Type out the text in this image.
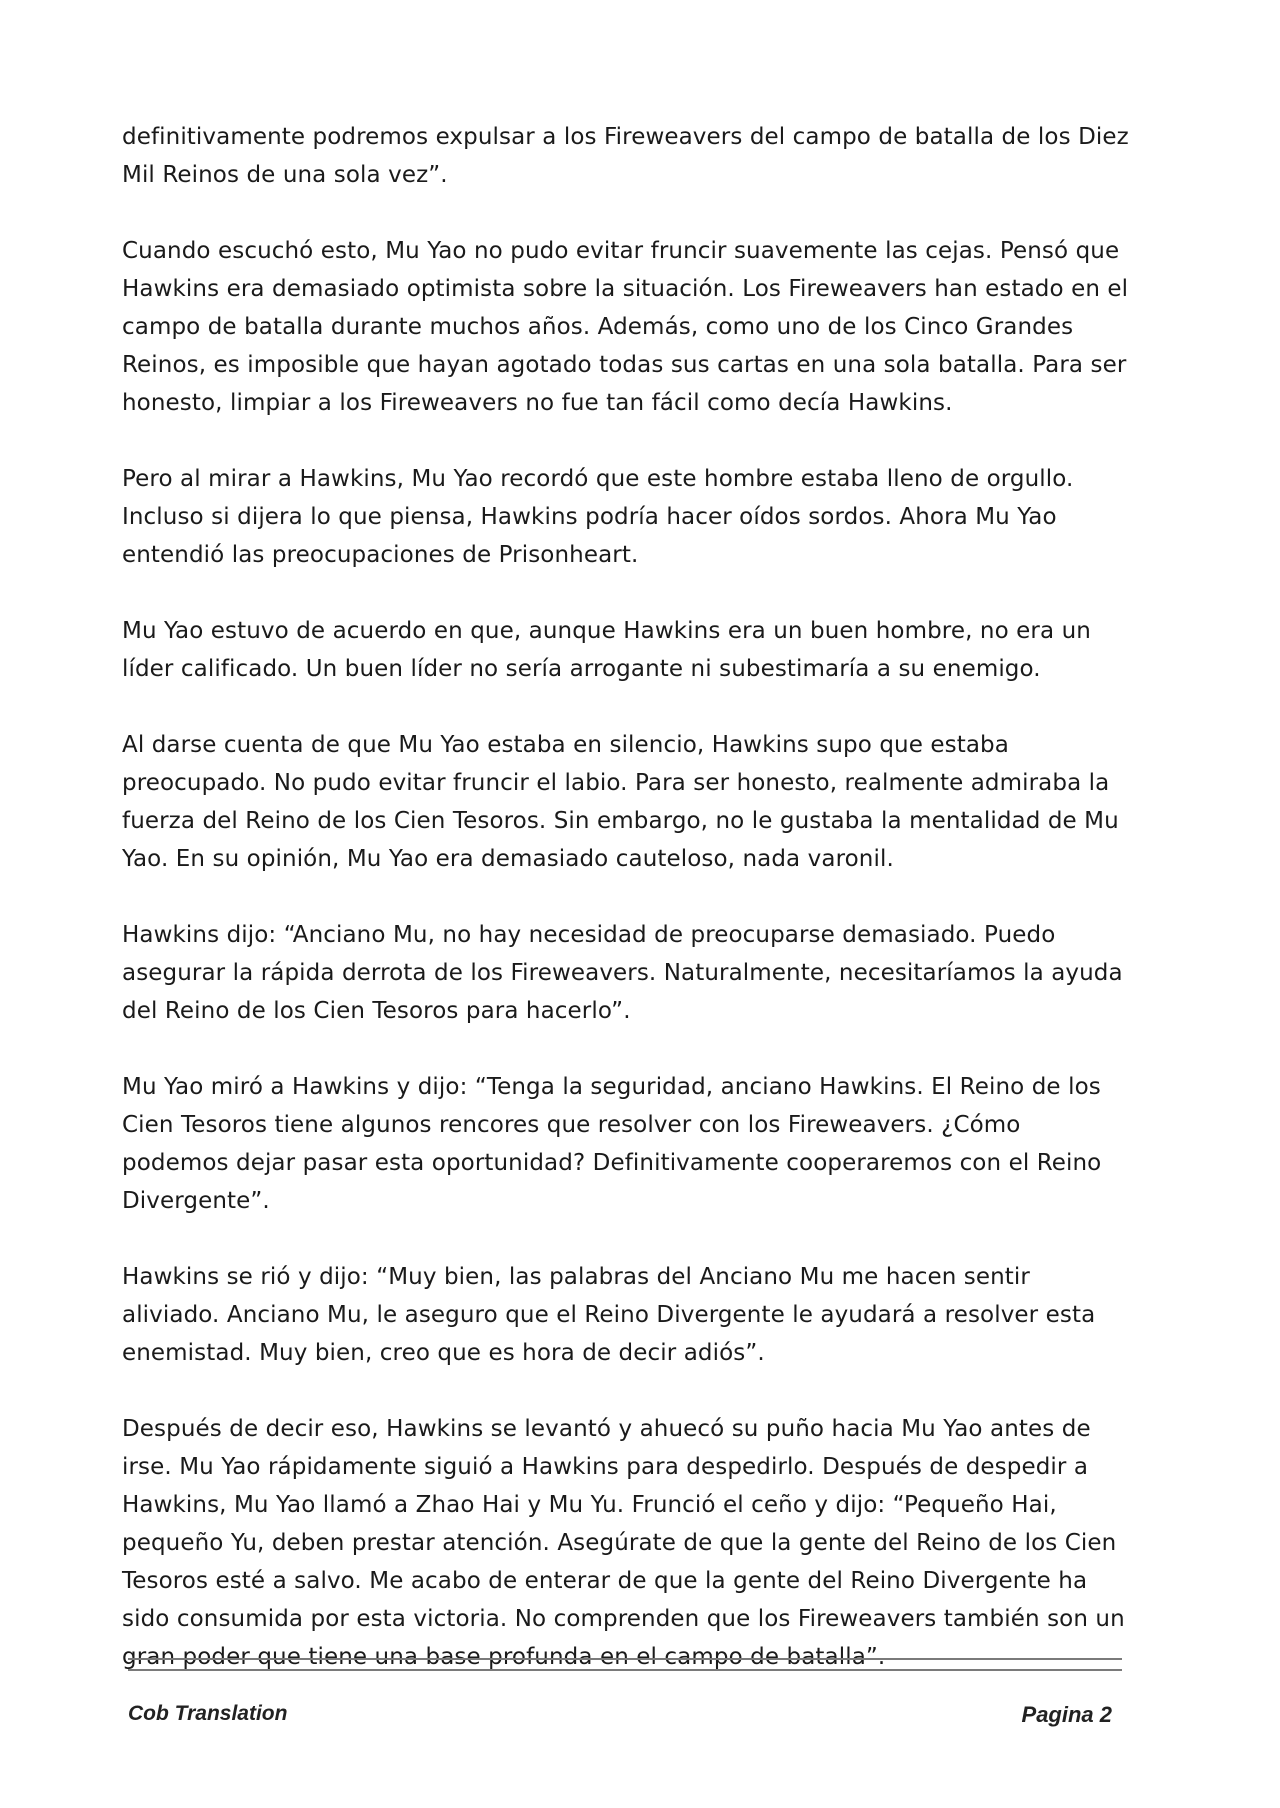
definitivamente podremos expulsar a los Fireweavers del campo de batalla de los Diez Mil Reinos de una sola vez”.

Cuando escuchó esto, Mu Yao no pudo evitar fruncir suavemente las cejas. Pensó que Hawkins era demasiado optimista sobre la situación. Los Fireweavers han estado en el campo de batalla durante muchos años. Además, como uno de los Cinco Grandes Reinos, es imposible que hayan agotado todas sus cartas en una sola batalla. Para ser honesto, limpiar a los Fireweavers no fue tan fácil como decía Hawkins.

Pero al mirar a Hawkins, Mu Yao recordó que este hombre estaba lleno de orgullo. Incluso si dijera lo que piensa, Hawkins podría hacer oídos sordos. Ahora Mu Yao entendió las preocupaciones de Prisonheart.

Mu Yao estuvo de acuerdo en que, aunque Hawkins era un buen hombre, no era un líder calificado. Un buen líder no sería arrogante ni subestimaría a su enemigo.

Al darse cuenta de que Mu Yao estaba en silencio, Hawkins supo que estaba preocupado. No pudo evitar fruncir el labio. Para ser honesto, realmente admiraba la fuerza del Reino de los Cien Tesoros. Sin embargo, no le gustaba la mentalidad de Mu Yao. En su opinión, Mu Yao era demasiado cauteloso, nada varonil.

Hawkins dijo: “Anciano Mu, no hay necesidad de preocuparse demasiado. Puedo asegurar la rápida derrota de los Fireweavers. Naturalmente, necesitaríamos la ayuda del Reino de los Cien Tesoros para hacerlo”.

Mu Yao miró a Hawkins y dijo: “Tenga la seguridad, anciano Hawkins. El Reino de los Cien Tesoros tiene algunos rencores que resolver con los Fireweavers. ¿Cómo podemos dejar pasar esta oportunidad? Definitivamente cooperaremos con el Reino Divergente”.

Hawkins se rió y dijo: “Muy bien, las palabras del Anciano Mu me hacen sentir aliviado. Anciano Mu, le aseguro que el Reino Divergente le ayudará a resolver esta enemistad. Muy bien, creo que es hora de decir adiós”.

Después de decir eso, Hawkins se levantó y ahuecó su puño hacia Mu Yao antes de irse. Mu Yao rápidamente siguió a Hawkins para despedirlo. Después de despedir a Hawkins, Mu Yao llamó a Zhao Hai y Mu Yu. Frunció el ceño y dijo: “Pequeño Hai, pequeño Yu, deben prestar atención. Asegúrate de que la gente del Reino de los Cien Tesoros esté a salvo. Me acabo de enterar de que la gente del Reino Divergente ha sido consumida por esta victoria. No comprenden que los Fireweavers también son un gran poder que tiene una base profunda en el campo de batalla”.

Cob Translation	Pagina 2
